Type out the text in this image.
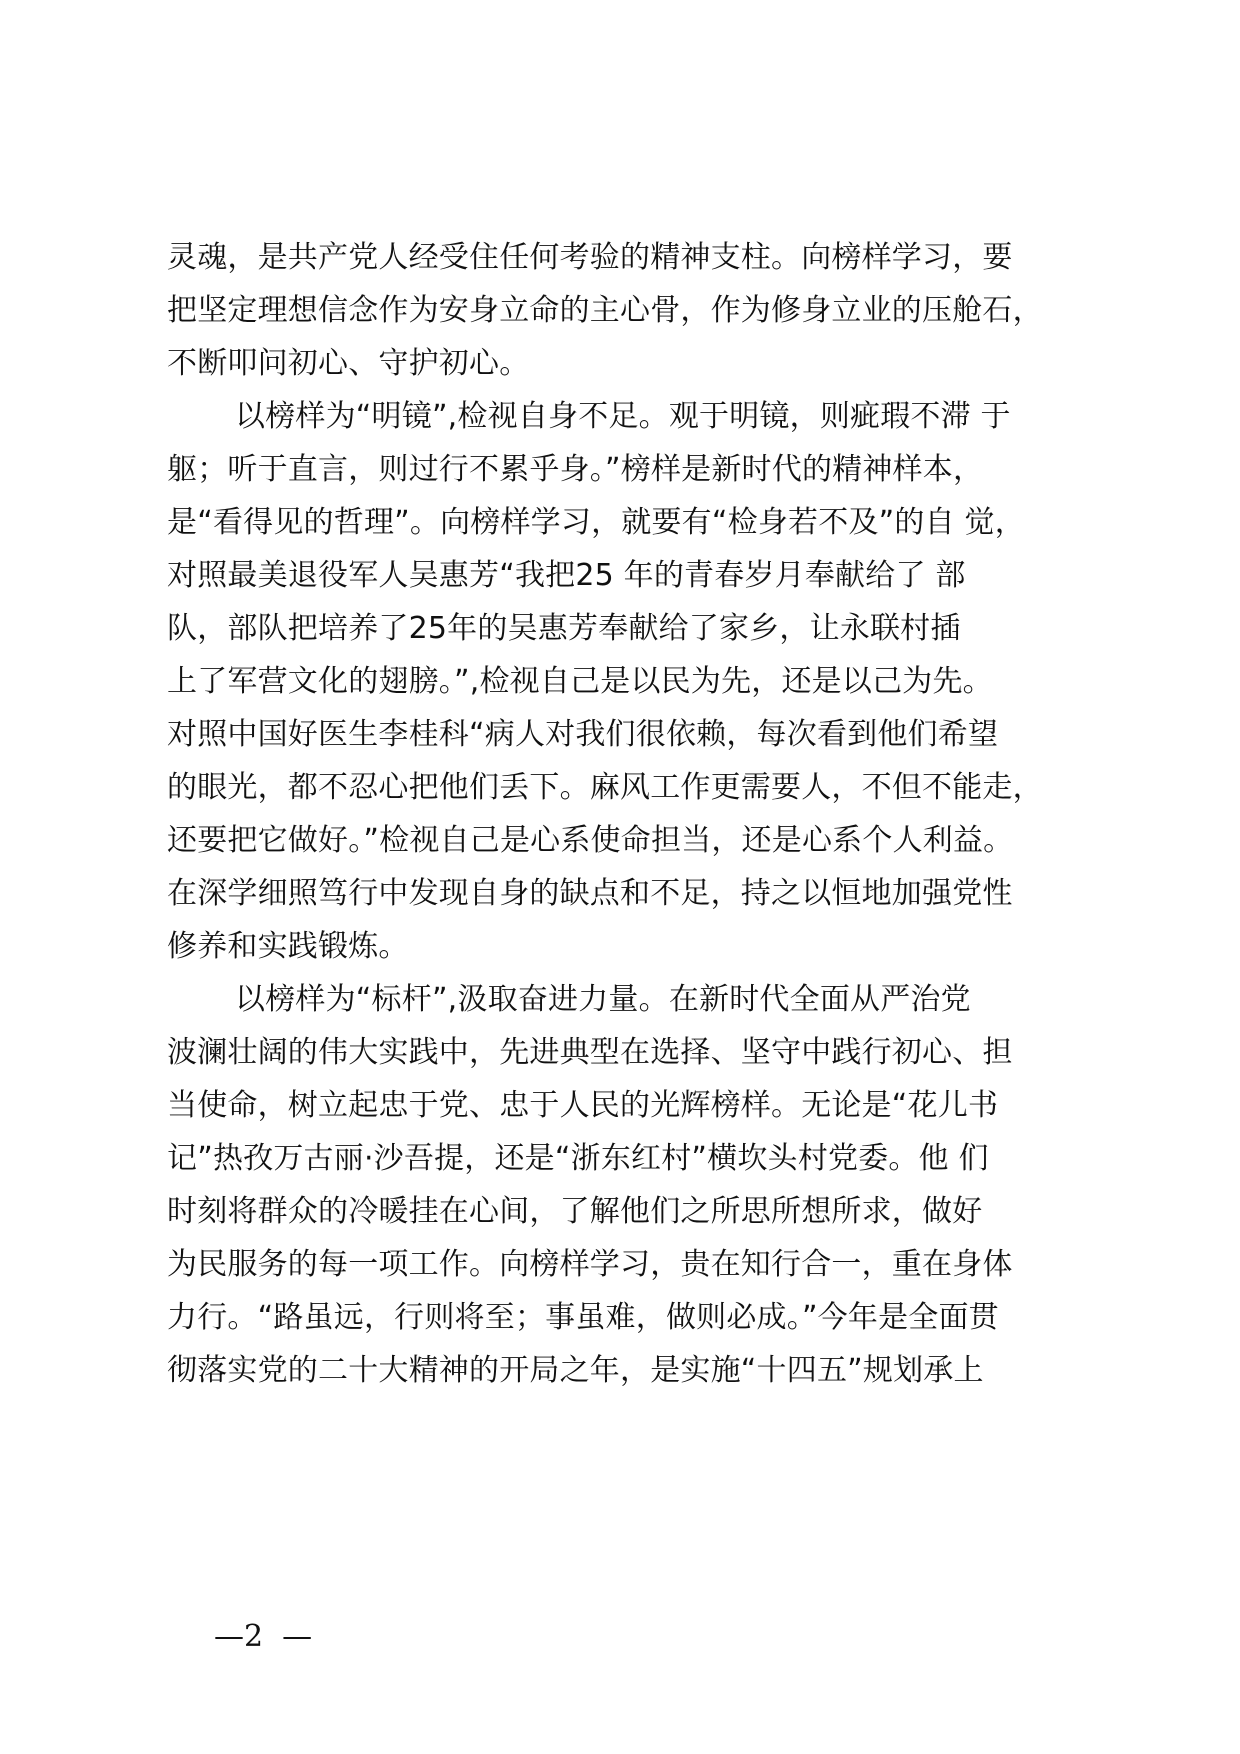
灵魂，是共产党人经受住任何考验的精神支柱。向榜样学习，要
把坚定理想信念作为安身立命的主心骨，作为修身立业的压舱石，
不断叩问初心、守护初心。
以榜样为“明镜”,检视自身不足。观于明镜，则疵瑕不滞 于
躯；听于直言，则过行不累乎身。”榜样是新时代的精神样本，
是“看得见的哲理”。向榜样学习，就要有“检身若不及”的自 觉，
对照最美退役军人吴惠芳“我把25 年的青春岁月奉献给了 部
队，部队把培养了25年的吴惠芳奉献给了家乡，让永联村插
上了军营文化的翅膀。”,检视自己是以民为先，还是以己为先。
对照中国好医生李桂科“病人对我们很依赖，每次看到他们希望
的眼光，都不忍心把他们丢下。麻风工作更需要人，不但不能走，
还要把它做好。”检视自己是心系使命担当，还是心系个人利益。
在深学细照笃行中发现自身的缺点和不足，持之以恒地加强党性
修养和实践锻炼。
以榜样为“标杆”,汲取奋进力量。在新时代全面从严治党
波澜壮阔的伟大实践中，先进典型在选择、坚守中践行初心、担
当使命，树立起忠于党、忠于人民的光辉榜样。无论是“花儿书
记”热孜万古丽·沙吾提，还是“浙东红村”横坎头村党委。他 们
时刻将群众的冷暖挂在心间，了解他们之所思所想所求，做好
为民服务的每一项工作。向榜样学习，贵在知行合一，重在身体
力行。“路虽远，行则将至；事虽难，做则必成。”今年是全面贯
彻落实党的二十大精神的开局之年，是实施“十四五”规划承上
—2  —
